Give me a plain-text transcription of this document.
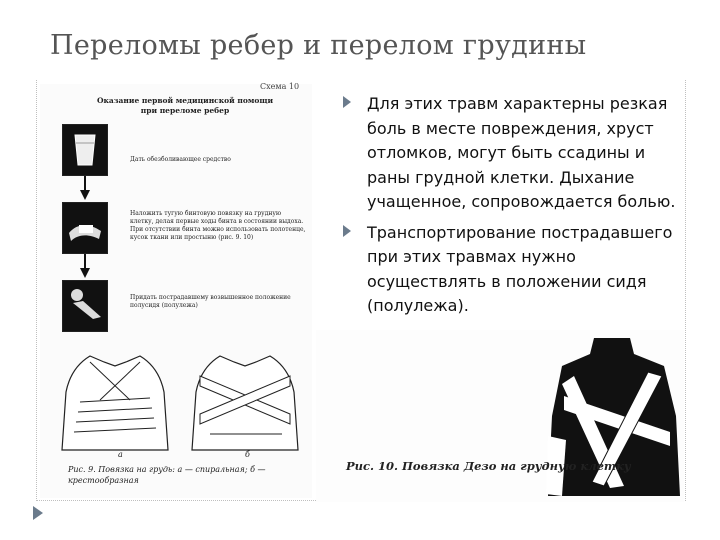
Переломы ребер и перелом грудины
Схема 10
Оказание первой медицинской помощи при переломе ребер
Дать обезболивающее средство
Наложить тугую бинтовую повязку на грудную клетку, делая первые ходы бинта в состоянии выдоха. При отсутствии бинта можно использовать полотенце, кусок ткани или простыню (рис. 9. 10)
Придать пострадавшему возвышенное положение полусидя (полулежа)
а	б
Рис. 9. Повязка на грудь: а — спиральная; б — крестообразная
Для этих травм характерны резкая боль в месте повреждения, хруст отломков, могут быть ссадины и раны грудной клетки. Дыхание учащенное, сопровождается болью.
Транспортирование пострадавшего при этих травмах нужно осуществлять в положении сидя (полулежа).
Рис. 10. Повязка Дезо на грудную клетку
